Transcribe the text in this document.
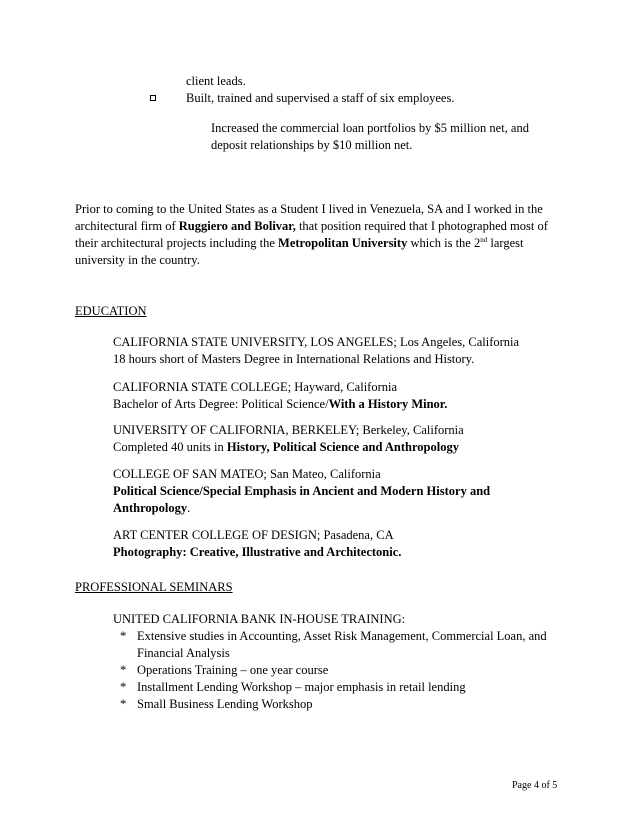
client leads.
Built, trained and supervised a staff of six employees.
Increased the commercial loan portfolios by $5 million net, and
deposit relationships by $10 million net.
Prior to coming to the United States as a Student I lived in Venezuela, SA and I worked in the
architectural firm of Ruggiero and Bolivar, that position required that I photographed most of
their architectural projects including the Metropolitan University which is the 2nd largest
university in the country.
EDUCATION
CALIFORNIA STATE UNIVERSITY, LOS ANGELES; Los Angeles, California
18 hours short of Masters Degree in International Relations and History.
CALIFORNIA STATE COLLEGE; Hayward, California
Bachelor of Arts Degree: Political Science/With a History Minor.
UNIVERSITY OF CALIFORNIA, BERKELEY; Berkeley, California
Completed 40 units in History, Political Science and Anthropology
COLLEGE OF SAN MATEO; San Mateo, California
Political Science/Special Emphasis in Ancient and Modern History and
Anthropology.
ART CENTER COLLEGE OF DESIGN; Pasadena, CA
Photography: Creative, Illustrative and Architectonic.
PROFESSIONAL SEMINARS
UNITED CALIFORNIA BANK IN-HOUSE TRAINING:
* Extensive studies in Accounting, Asset Risk Management, Commercial Loan, and
Financial Analysis
* Operations Training – one year course
* Installment Lending Workshop – major emphasis in retail lending
* Small Business Lending Workshop
Page 4 of 5
